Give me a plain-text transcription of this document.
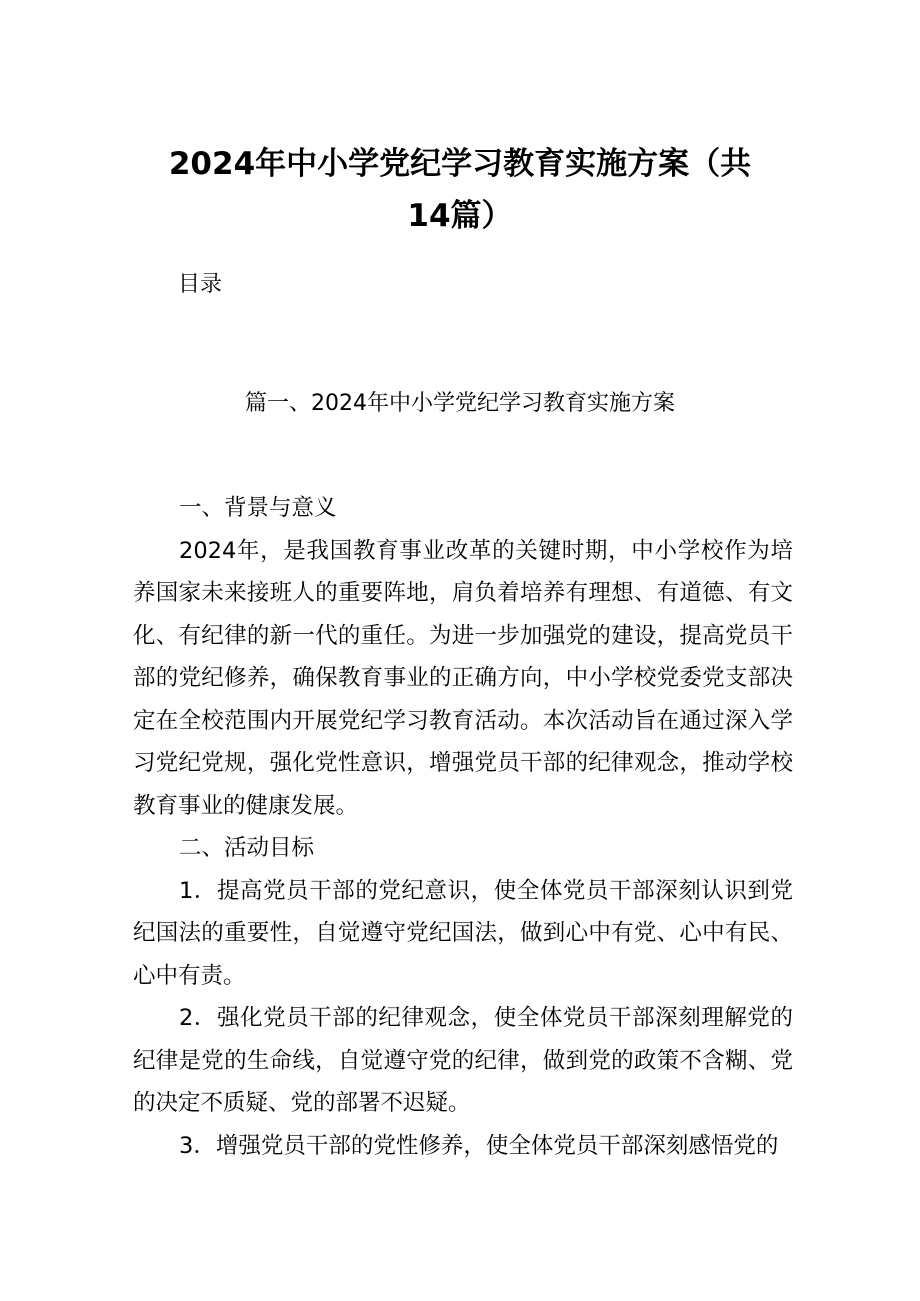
2024年中小学党纪学习教育实施方案（共
14篇）
目录
篇一、2024年中小学党纪学习教育实施方案

一、背景与意义

2024年，是我国教育事业改革的关键时期，中小学校作为培养国家未来接班人的重要阵地，肩负着培养有理想、有道德、有文化、有纪律的新一代的重任。为进一步加强党的建设，提高党员干部的党纪修养，确保教育事业的正确方向，中小学校党委党支部决定在全校范围内开展党纪学习教育活动。本次活动旨在通过深入学习党纪党规，强化党性意识，增强党员干部的纪律观念，推动学校教育事业的健康发展。

二、活动目标

1．提高党员干部的党纪意识，使全体党员干部深刻认识到党纪国法的重要性，自觉遵守党纪国法，做到心中有党、心中有民、心中有责。

2．强化党员干部的纪律观念，使全体党员干部深刻理解党的纪律是党的生命线，自觉遵守党的纪律，做到党的政策不含糊、党的决定不质疑、党的部署不迟疑。

3．增强党员干部的党性修养，使全体党员干部深刻感悟党的
